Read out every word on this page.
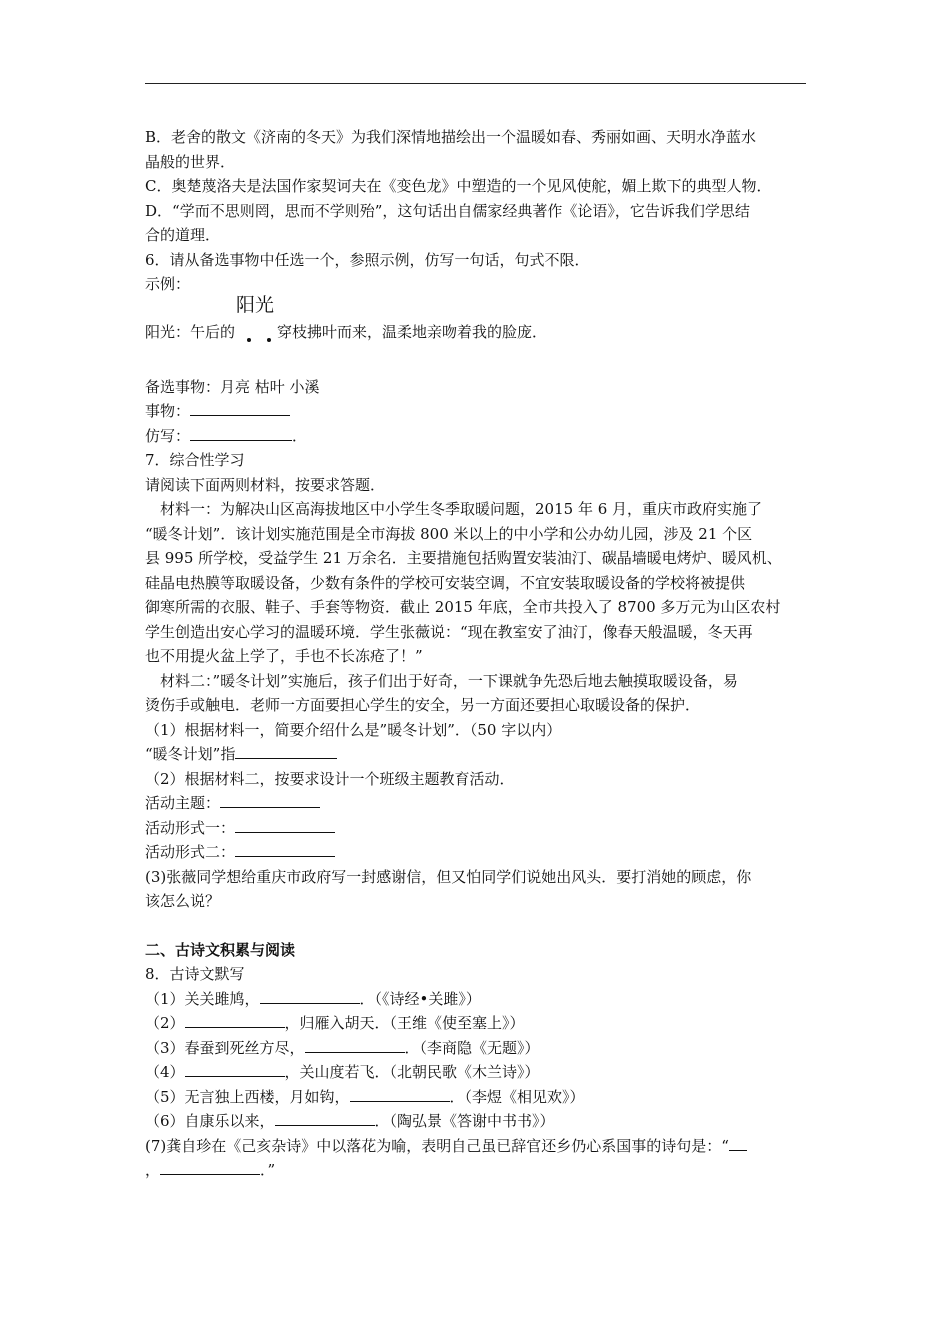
B．老舍的散文《济南的冬天》为我们深情地描绘出一个温暖如春、秀丽如画、天明水净蓝水
晶般的世界．
C．奥楚蔑洛夫是法国作家契诃夫在《变色龙》中塑造的一个见风使舵，媚上欺下的典型人物．
D．“学而不思则罔，思而不学则殆”，这句话出自儒家经典著作《论语》，它告诉我们学思结
合的道理．
6．请从备选事物中任选一个，参照示例，仿写一句话，句式不限．
示例：
阳光：午后的
阳光
穿枝拂叶而来，温柔地亲吻着我的脸庞．
备选事物：月亮 枯叶 小溪
事物：
仿写：	．
7．综合性学习
请阅读下面两则材料，按要求答题．
材料一：为解决山区高海拔地区中小学生冬季取暖问题，2015 年 6 月，重庆市政府实施了
“暖冬计划”．该计划实施范围是全市海拔 800 米以上的中小学和公办幼儿园，涉及 21 个区
县 995 所学校，受益学生 21 万余名．主要措施包括购置安装油汀、碳晶墙暖电烤炉、暖风机、
硅晶电热膜等取暖设备，少数有条件的学校可安装空调，不宜安装取暖设备的学校将被提供
御寒所需的衣服、鞋子、手套等物资．截止 2015 年底，全市共投入了 8700 多万元为山区农村
学生创造出安心学习的温暖环境．学生张薇说：“现在教室安了油汀，像春天般温暖，冬天再
也不用提火盆上学了，手也不长冻疮了！”
材料二：”暖冬计划”实施后，孩子们出于好奇，一下课就争先恐后地去触摸取暖设备，易
烫伤手或触电．老师一方面要担心学生的安全，另一方面还要担心取暖设备的保护．
（1）根据材料一，简要介绍什么是”暖冬计划”．（50 字以内）
“暖冬计划”指
（2）根据材料二，按要求设计一个班级主题教育活动．
活动主题：
活动形式一：
活动形式二：
(3)张薇同学想给重庆市政府写一封感谢信，但又怕同学们说她出风头．要打消她的顾虑，你
该怎么说？
二、古诗文积累与阅读
8．古诗文默写
（1）关关雎鸠，	．（《诗经•关雎》）
（2）	，归雁入胡天．（王维《使至塞上》）
（3）春蚕到死丝方尽，	．（李商隐《无题》）
（4）	，关山度若飞．（北朝民歌《木兰诗》）
（5）无言独上西楼，月如钩，	．（李煜《相见欢》）
（6）自康乐以来，	．（陶弘景《答谢中书书》）
(7)龚自珍在《己亥杂诗》中以落花为喻，表明自己虽已辞官还乡仍心系国事的诗句是：“
，	．”
